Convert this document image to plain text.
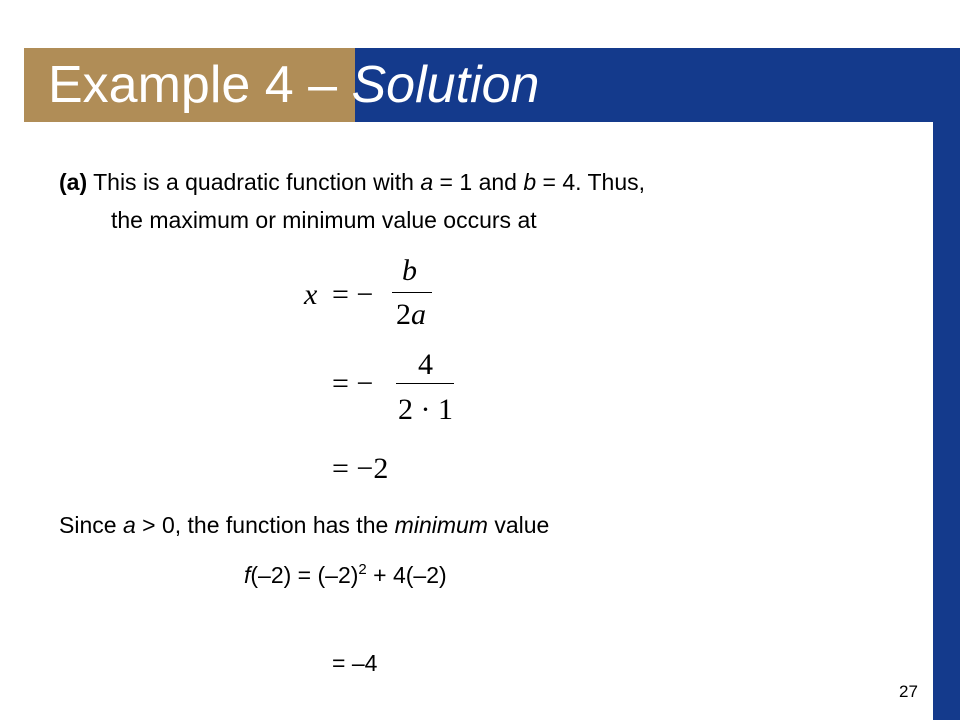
Example 4 – Solution
(a) This is a quadratic function with a = 1 and b = 4. Thus,
the maximum or minimum value occurs at
x = −
b
2a
= −
4
2 · 1
= −2
Since a > 0, the function has the minimum value
$f(-2) = (-2)^2 + 4(-2)$
= –4
27
